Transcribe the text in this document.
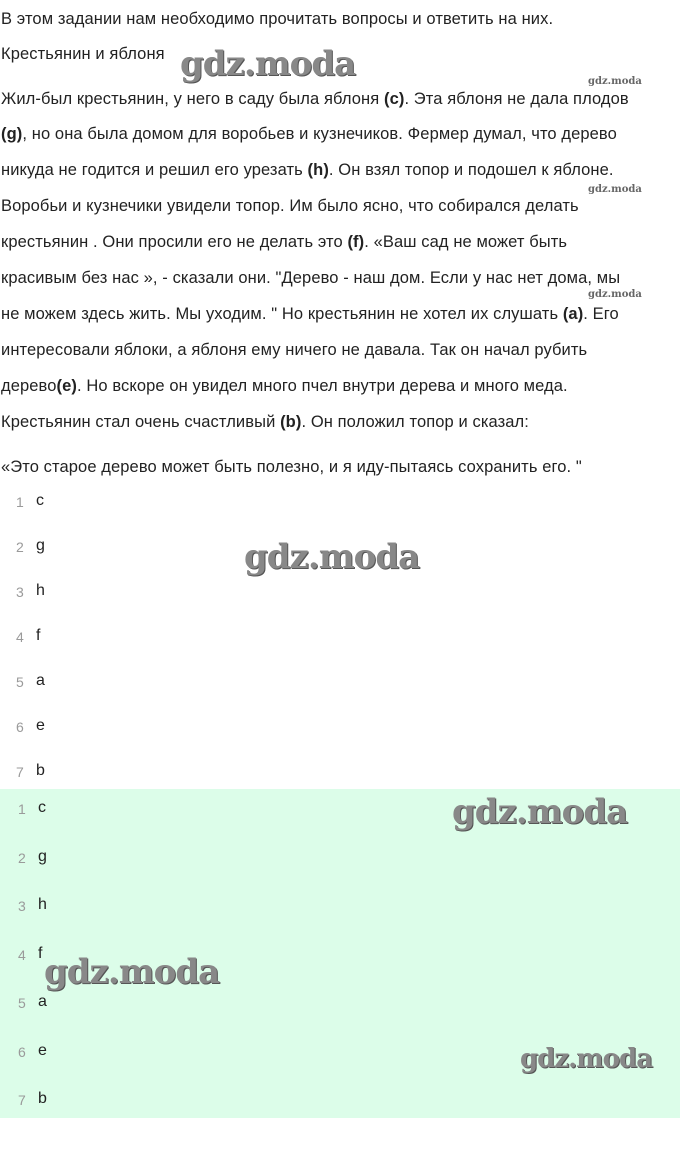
В этом задании нам необходимо прочитать вопросы и ответить на них.
Крестьянин и яблоня
Жил-был крестьянин, у него в саду была яблоня (c). Эта яблоня не дала плодов
(g), но она была домом для воробьев и кузнечиков. Фермер думал, что дерево
никуда не годится и решил его урезать (h). Он взял топор и подошел к яблоне.
Воробьи и кузнечики увидели топор. Им было ясно, что собирался делать
крестьянин . Они просили его не делать это (f). «Ваш сад не может быть
красивым без нас », - сказали они. "Дерево - наш дом. Если у нас нет дома, мы
не можем здесь жить. Мы уходим. " Но крестьянин не хотел их слушать (a). Его
интересовали яблоки, а яблоня ему ничего не давала. Так он начал рубить
дерево(e). Но вскоре он увидел много пчел внутри дерева и много меда.
Крестьянин стал очень счастливый (b). Он положил топор и сказал:
«Это старое дерево может быть полезно, и я иду-пытаясь сохранить его. "
1 c
2 g
3 h
4 f
5 a
6 e
7 b
1 c
2 g
3 h
4 f
5 a
6 e
7 b
gdz.moda	gdz.moda
gdz.moda
gdz.moda
gdz.moda
gdz.moda
gdz.moda
gdz.moda
